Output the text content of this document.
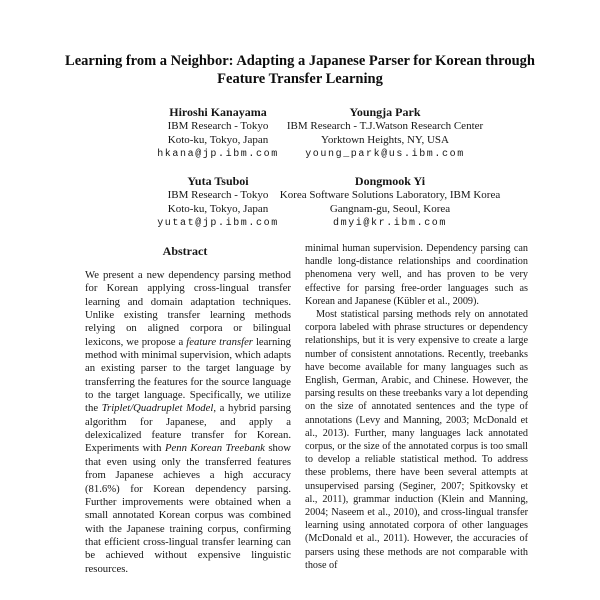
Learning from a Neighbor: Adapting a Japanese Parser for Korean through Feature Transfer Learning
Hiroshi Kanayama
IBM Research - Tokyo
Koto-ku, Tokyo, Japan
hkana@jp.ibm.com
Youngja Park
IBM Research - T.J.Watson Research Center
Yorktown Heights, NY, USA
young_park@us.ibm.com
Yuta Tsuboi
IBM Research - Tokyo
Koto-ku, Tokyo, Japan
yutat@jp.ibm.com
Dongmook Yi
Korea Software Solutions Laboratory, IBM Korea
Gangnam-gu, Seoul, Korea
dmyi@kr.ibm.com
Abstract

We present a new dependency parsing method for Korean applying cross-lingual transfer learning and domain adaptation techniques. Unlike existing transfer learning methods relying on aligned corpora or bilingual lexicons, we propose a feature transfer learning method with minimal supervision, which adapts an existing parser to the target language by transferring the features for the source language to the target language. Specifically, we utilize the Triplet/Quadruplet Model, a hybrid parsing algorithm for Japanese, and apply a delexicalized feature transfer for Korean. Experiments with Penn Korean Treebank show that even using only the transferred features from Japanese achieves a high accuracy (81.6%) for Korean dependency parsing. Further improvements were obtained when a small annotated Korean corpus was combined with the Japanese training corpus, confirming that efficient cross-lingual transfer learning can be achieved without expensive linguistic resources.

minimal human supervision. Dependency parsing can handle long-distance relationships and coordination phenomena very well, and has proven to be very effective for parsing free-order languages such as Korean and Japanese (Kübler et al., 2009).

Most statistical parsing methods rely on annotated corpora labeled with phrase structures or dependency relationships, but it is very expensive to create a large number of consistent annotations. Recently, treebanks have become available for many languages such as English, German, Arabic, and Chinese. However, the parsing results on these treebanks vary a lot depending on the size of annotated sentences and the type of annotations (Levy and Manning, 2003; McDonald et al., 2013). Further, many languages lack annotated corpus, or the size of the annotated corpus is too small to develop a reliable statistical method. To address these problems, there have been several attempts at unsupervised parsing (Seginer, 2007; Spitkovsky et al., 2011), grammar induction (Klein and Manning, 2004; Naseem et al., 2010), and cross-lingual transfer learning using annotated corpora of other languages (McDonald et al., 2011). However, the accuracies of parsers using these methods are not comparable with those of
